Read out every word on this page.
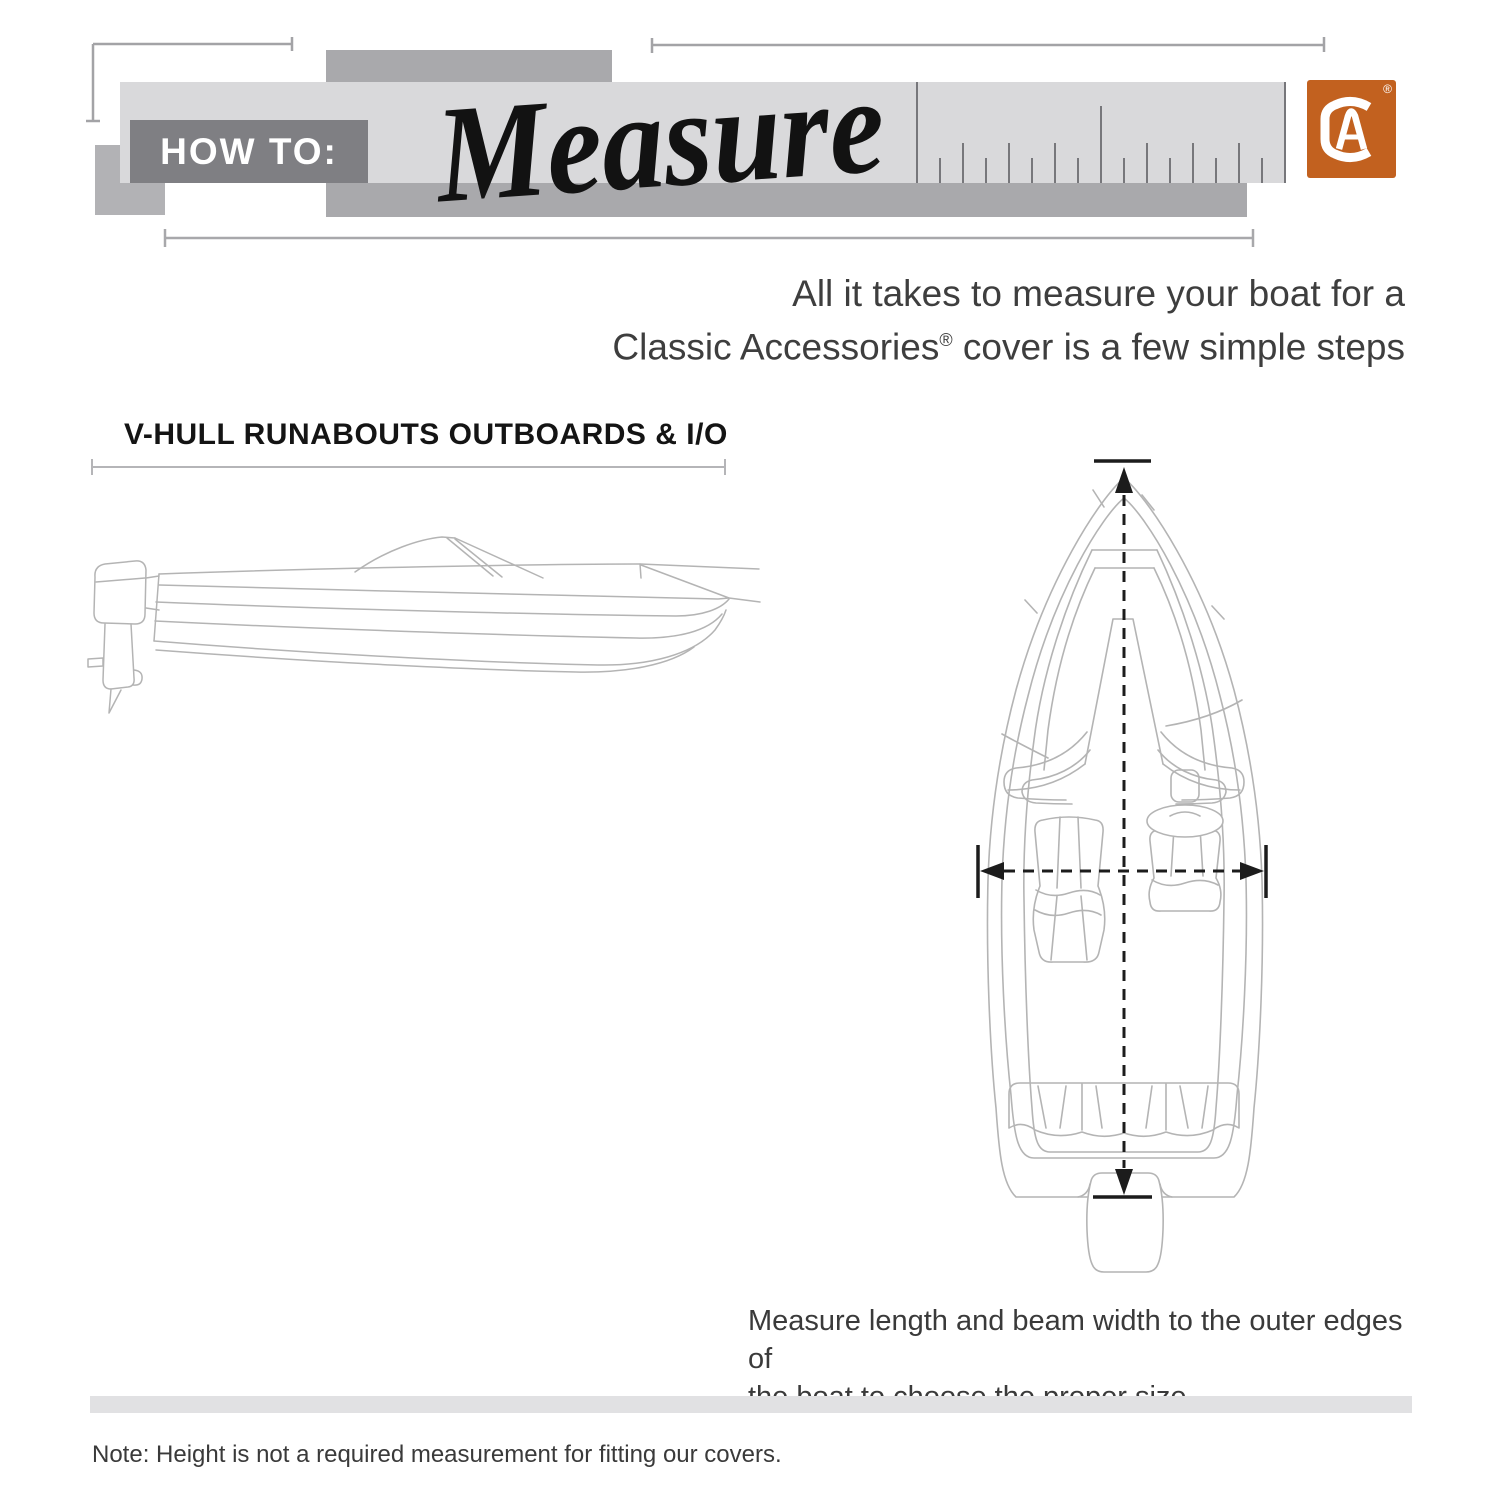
HOW TO: Measure	®
All it takes to measure your boat for a
Classic Accessories® cover is a few simple steps
V-HULL RUNABOUTS OUTBOARDS & I/O
Measure length and beam width to the outer edges of
Note: Height is not a required measurement for fitting our covers.
